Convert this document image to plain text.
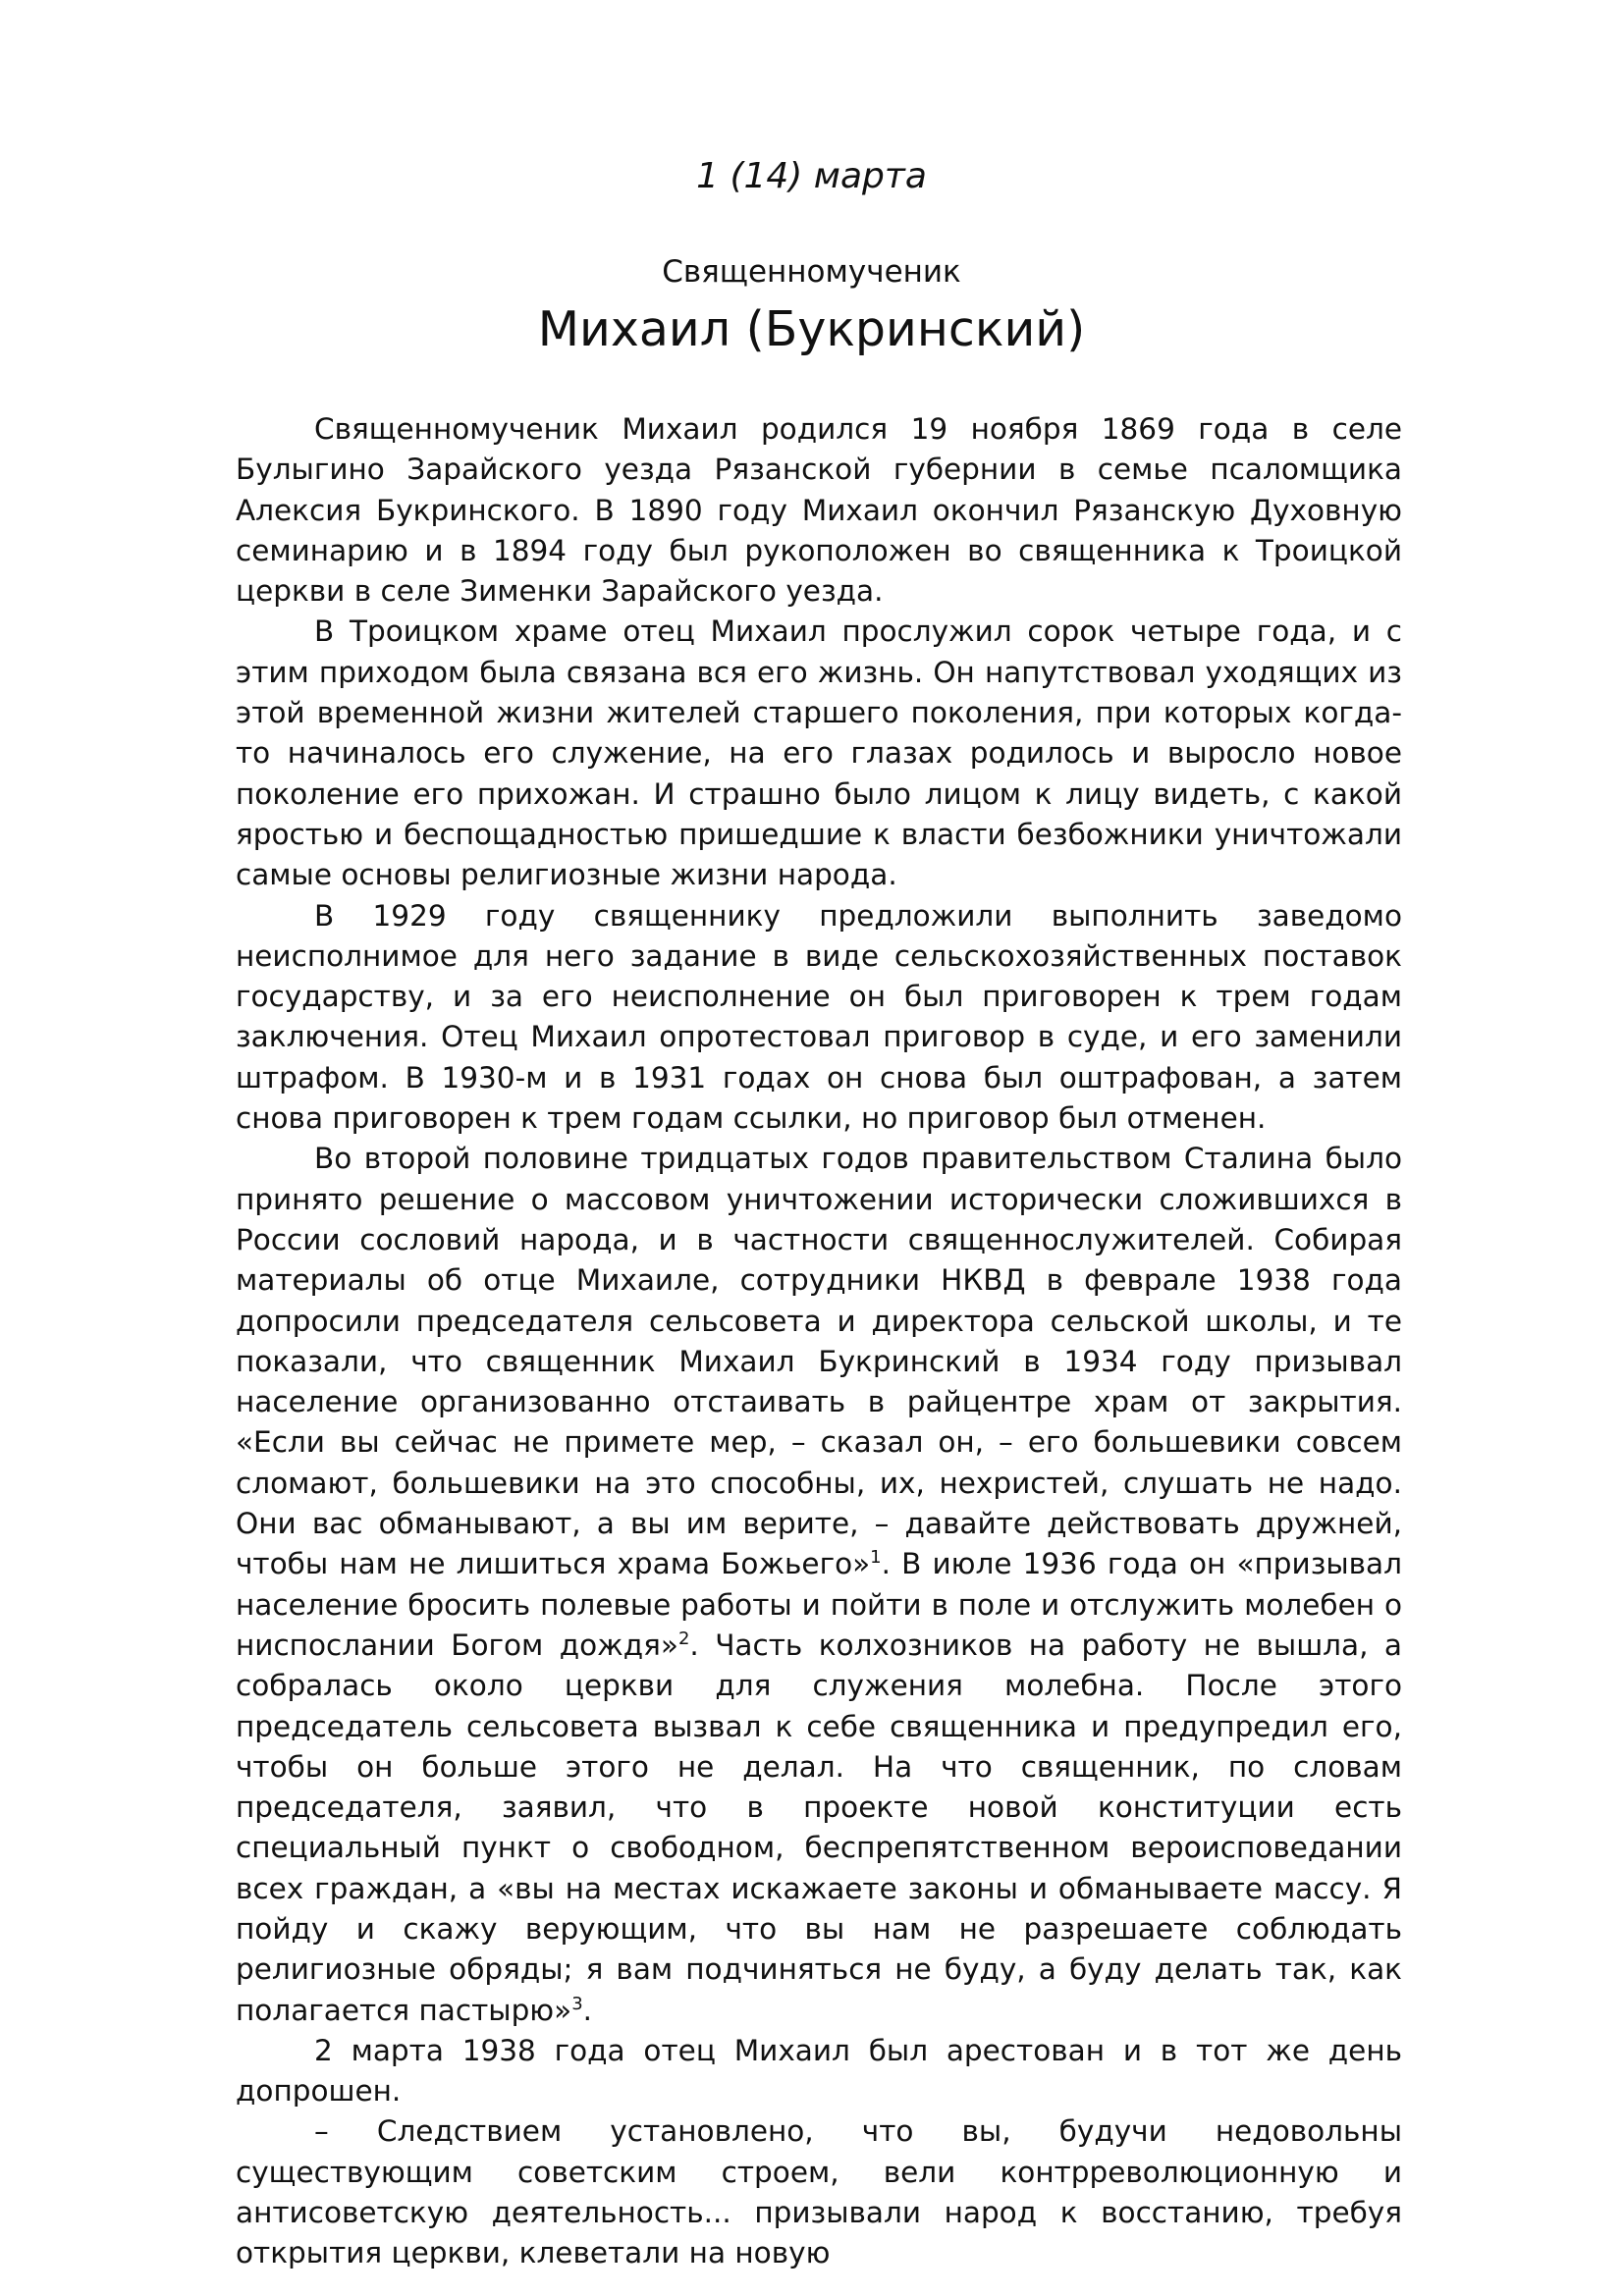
1 (14) марта
Священномученик
Михаил (Букринский)

Священномученик Михаил родился 19 ноября 1869 года в селе Булыгино Зарайского уезда Рязанской губернии в семье псаломщика Алексия Букринского. В 1890 году Михаил окончил Рязанскую Духовную семинарию и в 1894 году был рукоположен во священника к Троицкой церкви в селе Зименки Зарайского уезда.

В Троицком храме отец Михаил прослужил сорок четыре года, и с этим приходом была связана вся его жизнь. Он напутствовал уходящих из этой временной жизни жителей старшего поколения, при которых когда-то начиналось его служение, на его глазах родилось и выросло новое поколение его прихожан. И страшно было лицом к лицу видеть, с какой яростью и беспощадностью пришедшие к власти безбожники уничтожали самые основы религиозные жизни народа.

В 1929 году священнику предложили выполнить заведомо неисполнимое для него задание в виде сельскохозяйственных поставок государству, и за его неисполнение он был приговорен к трем годам заключения. Отец Михаил опротестовал приговор в суде, и его заменили штрафом. В 1930-м и в 1931 годах он снова был оштрафован, а затем снова приговорен к трем годам ссылки, но приговор был отменен.

Во второй половине тридцатых годов правительством Сталина было принято решение о массовом уничтожении исторически сложившихся в России сословий народа, и в частности священнослужителей. Собирая материалы об отце Михаиле, сотрудники НКВД в феврале 1938 года допросили председателя сельсовета и директора сельской школы, и те показали, что священник Михаил Букринский в 1934 году призывал население организованно отстаивать в райцентре храм от закрытия. «Если вы сейчас не примете мер, – сказал он, – его большевики совсем сломают, большевики на это способны, их, нехристей, слушать не надо. Они вас обманывают, а вы им верите, – давайте действовать дружней, чтобы нам не лишиться храма Божьего»$^1$. В июле 1936 года он «призывал население бросить полевые работы и пойти в поле и отслужить молебен о ниспослании Богом дождя»$^2$. Часть колхозников на работу не вышла, а собралась около церкви для служения молебна. После этого председатель сельсовета вызвал к себе священника и предупредил его, чтобы он больше этого не делал. На что священник, по словам председателя, заявил, что в проекте новой конституции есть специальный пункт о свободном, беспрепятственном вероисповедании всех граждан, а «вы на местах искажаете законы и обманываете массу. Я пойду и скажу верующим, что вы нам не разрешаете соблюдать религиозные обряды; я вам подчиняться не буду, а буду делать так, как полагается пастырю»$^3$.

2 марта 1938 года отец Михаил был арестован и в тот же день допрошен.

– Следствием установлено, что вы, будучи недовольны существующим советским строем, вели контрреволюционную и антисоветскую деятельность... призывали народ к восстанию, требуя открытия церкви, клеветали на новую
